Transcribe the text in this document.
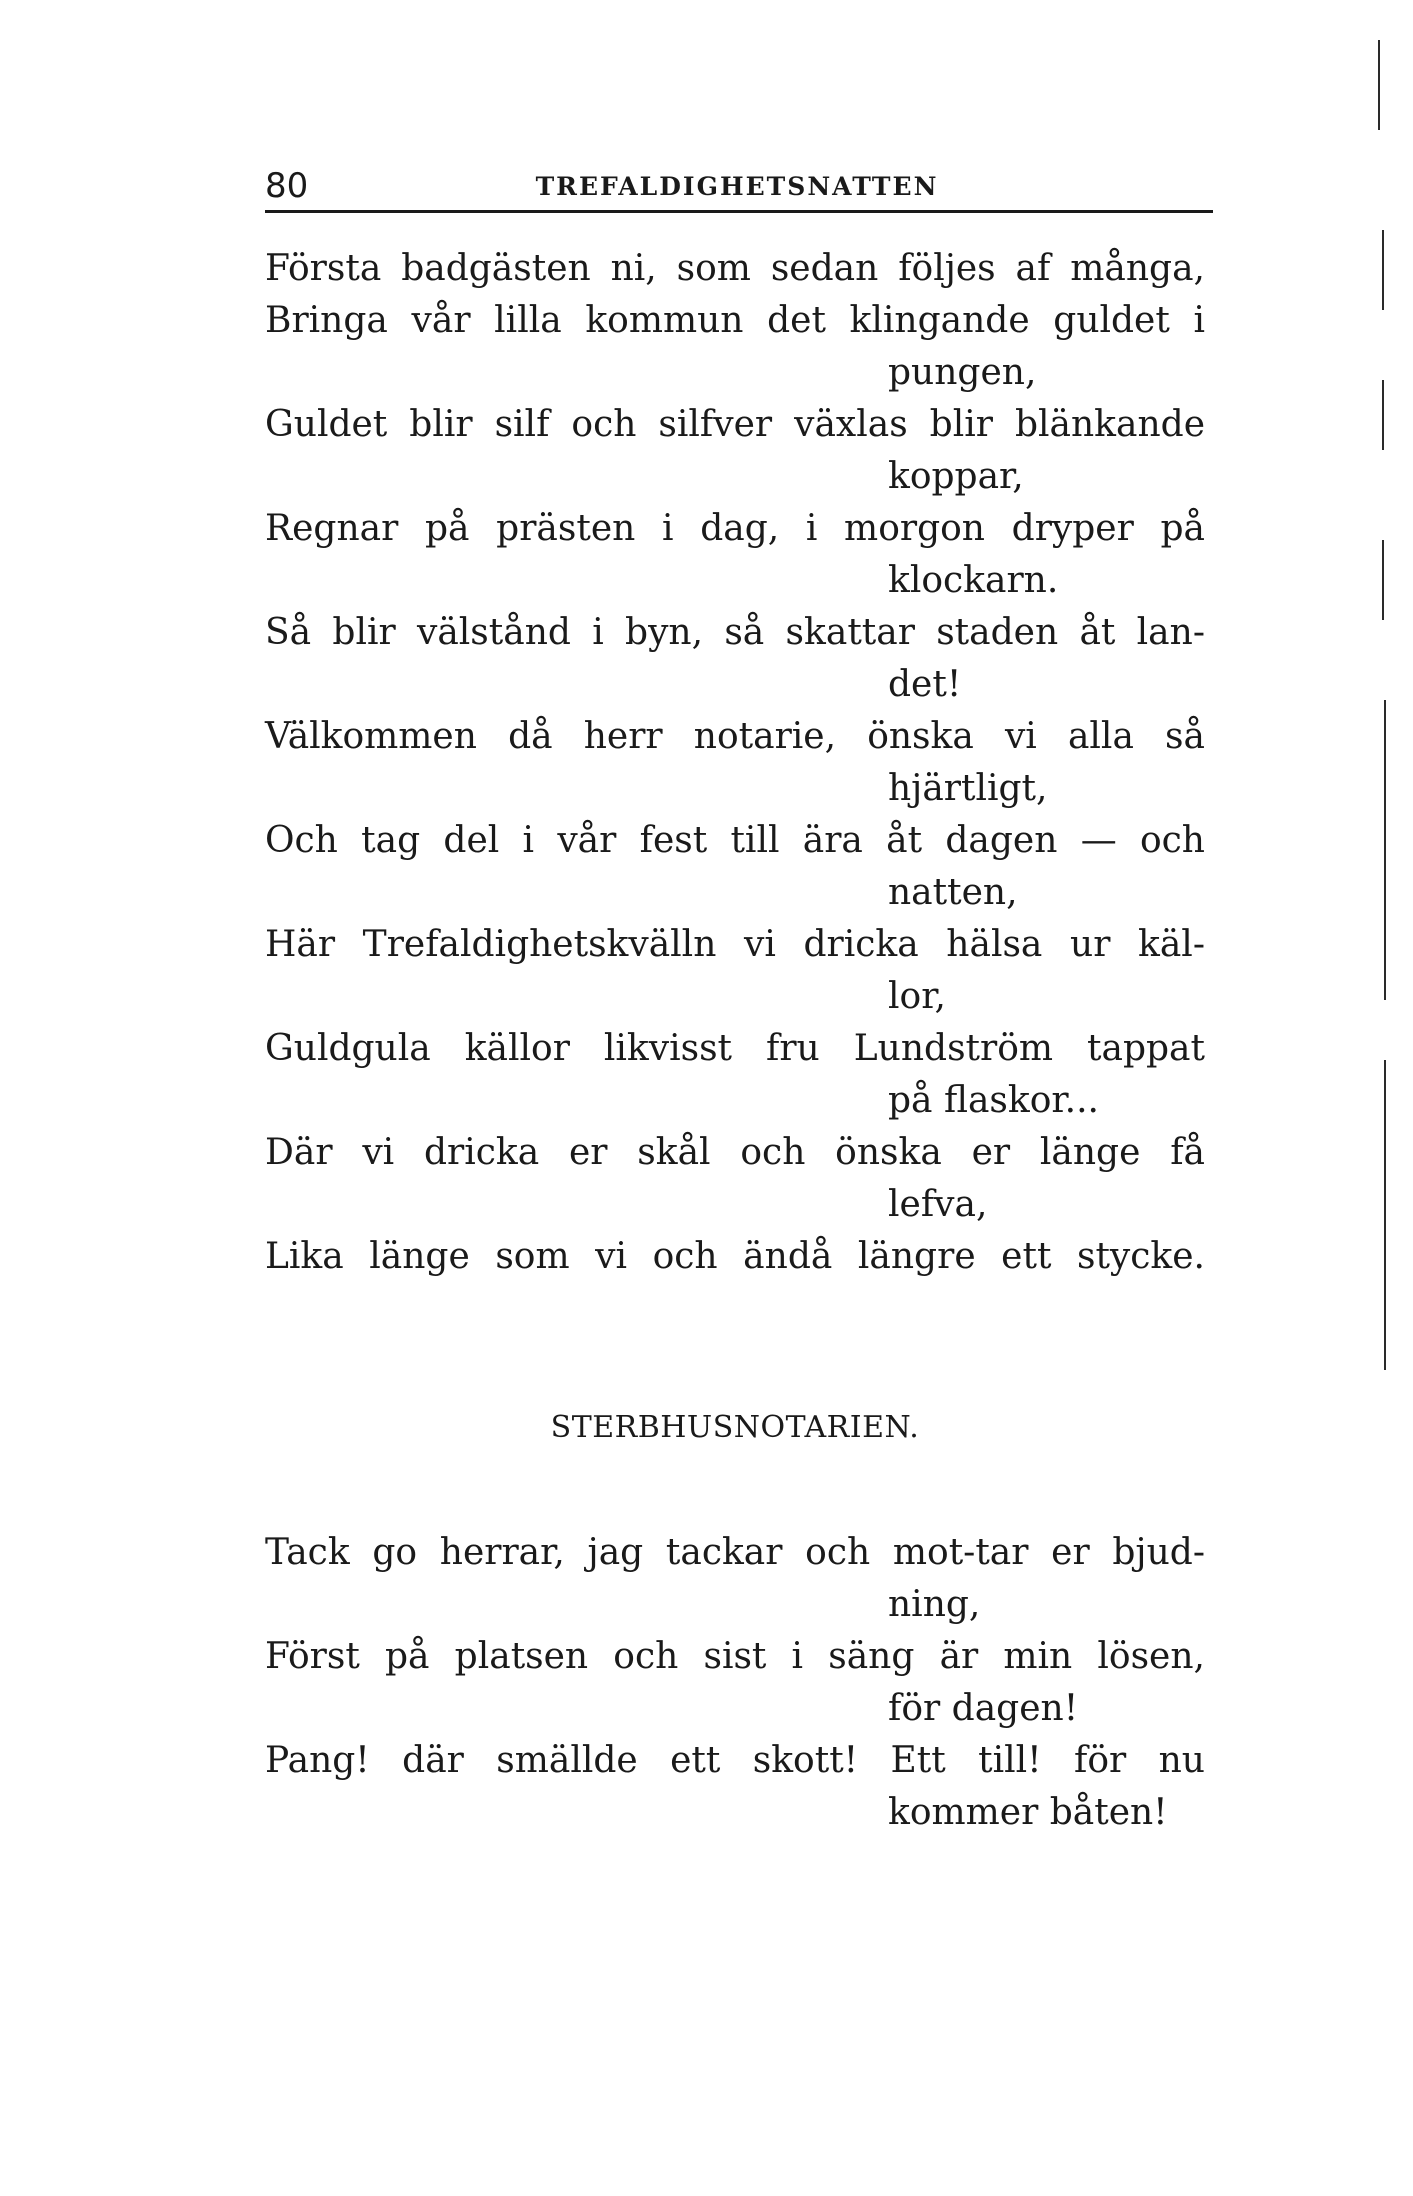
80	TREFALDIGHETSNATTEN
Första badgästen ni, som sedan följes af många,
Bringa vår lilla kommun det klingande guldet i
pungen,
Guldet blir silf och silfver växlas blir blänkande
koppar,
Regnar på prästen i dag, i morgon dryper på
klockarn.
Så blir välstånd i byn, så skattar staden åt lan-
det!
Välkommen då herr notarie, önska vi alla så
hjärtligt,
Och tag del i vår fest till ära åt dagen — och
natten,
Här Trefaldighetskvälln vi dricka hälsa ur käl-
lor,
Guldgula källor likvisst fru Lundström tappat
på flaskor...
Där vi dricka er skål och önska er länge få
lefva,
Lika länge som vi och ändå längre ett stycke.
STERBHUSNOTARIEN.
Tack go herrar, jag tackar och mot-tar er bjud-
ning,
Först på platsen och sist i säng är min lösen,
för dagen!
Pang! där smällde ett skott! Ett till! för nu
kommer båten!
